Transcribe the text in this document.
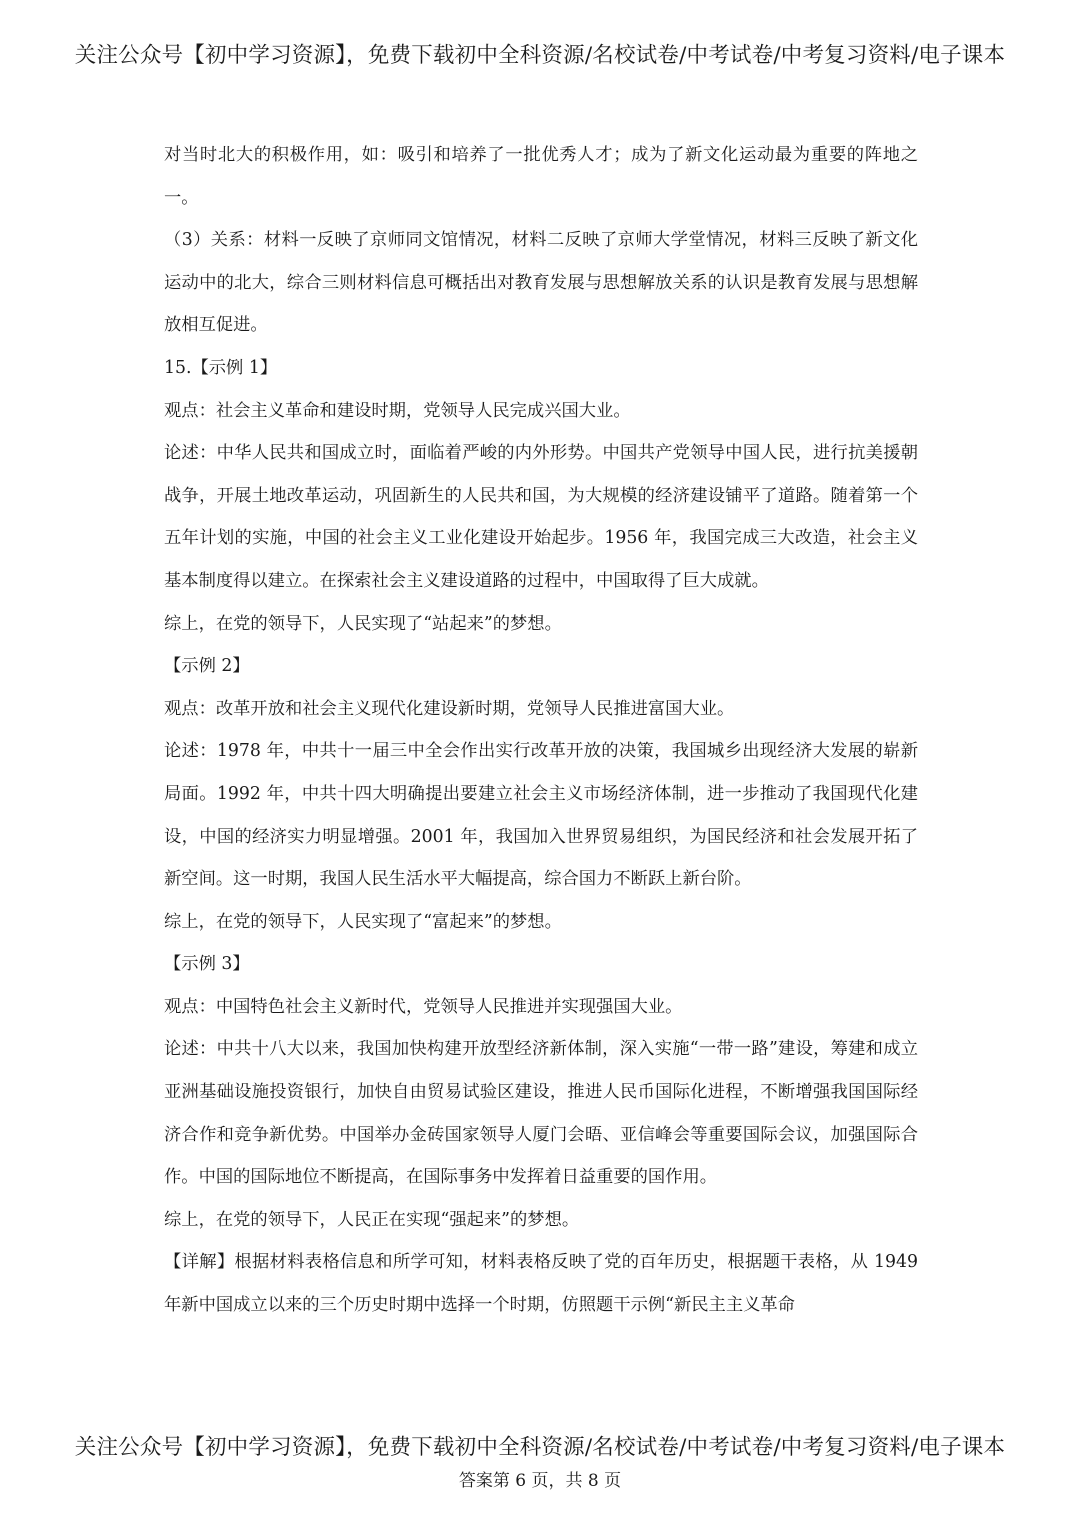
关注公众号【初中学习资源】，免费下载初中全科资源/名校试卷/中考试卷/中考复习资料/电子课本

对当时北大的积极作用，如：吸引和培养了一批优秀人才；成为了新文化运动最为重要的阵地之一。

（3）关系：材料一反映了京师同文馆情况，材料二反映了京师大学堂情况，材料三反映了新文化运动中的北大，综合三则材料信息可概括出对教育发展与思想解放关系的认识是教育发展与思想解放相互促进。

15.【示例 1】

观点：社会主义革命和建设时期，党领导人民完成兴国大业。

论述：中华人民共和国成立时，面临着严峻的内外形势。中国共产党领导中国人民，进行抗美援朝战争，开展土地改革运动，巩固新生的人民共和国，为大规模的经济建设铺平了道路。随着第一个五年计划的实施，中国的社会主义工业化建设开始起步。1956 年，我国完成三大改造，社会主义基本制度得以建立。在探索社会主义建设道路的过程中，中国取得了巨大成就。

综上，在党的领导下，人民实现了“站起来”的梦想。

【示例 2】

观点：改革开放和社会主义现代化建设新时期，党领导人民推进富国大业。

论述：1978 年，中共十一届三中全会作出实行改革开放的决策，我国城乡出现经济大发展的崭新局面。1992 年，中共十四大明确提出要建立社会主义市场经济体制，进一步推动了我国现代化建设，中国的经济实力明显增强。2001 年，我国加入世界贸易组织，为国民经济和社会发展开拓了新空间。这一时期，我国人民生活水平大幅提高，综合国力不断跃上新台阶。

综上，在党的领导下，人民实现了“富起来”的梦想。

【示例 3】

观点：中国特色社会主义新时代，党领导人民推进并实现强国大业。

论述：中共十八大以来，我国加快构建开放型经济新体制，深入实施“一带一路”建设，筹建和成立亚洲基础设施投资银行，加快自由贸易试验区建设，推进人民币国际化进程，不断增强我国国际经济合作和竞争新优势。中国举办金砖国家领导人厦门会晤、亚信峰会等重要国际会议，加强国际合作。中国的国际地位不断提高，在国际事务中发挥着日益重要的国作用。

综上，在党的领导下，人民正在实现“强起来”的梦想。

【详解】根据材料表格信息和所学可知，材料表格反映了党的百年历史，根据题干表格，从 1949 年新中国成立以来的三个历史时期中选择一个时期，仿照题干示例“新民主主义革命

关注公众号【初中学习资源】，免费下载初中全科资源/名校试卷/中考试卷/中考复习资料/电子课本
答案第 6 页，共 8 页
